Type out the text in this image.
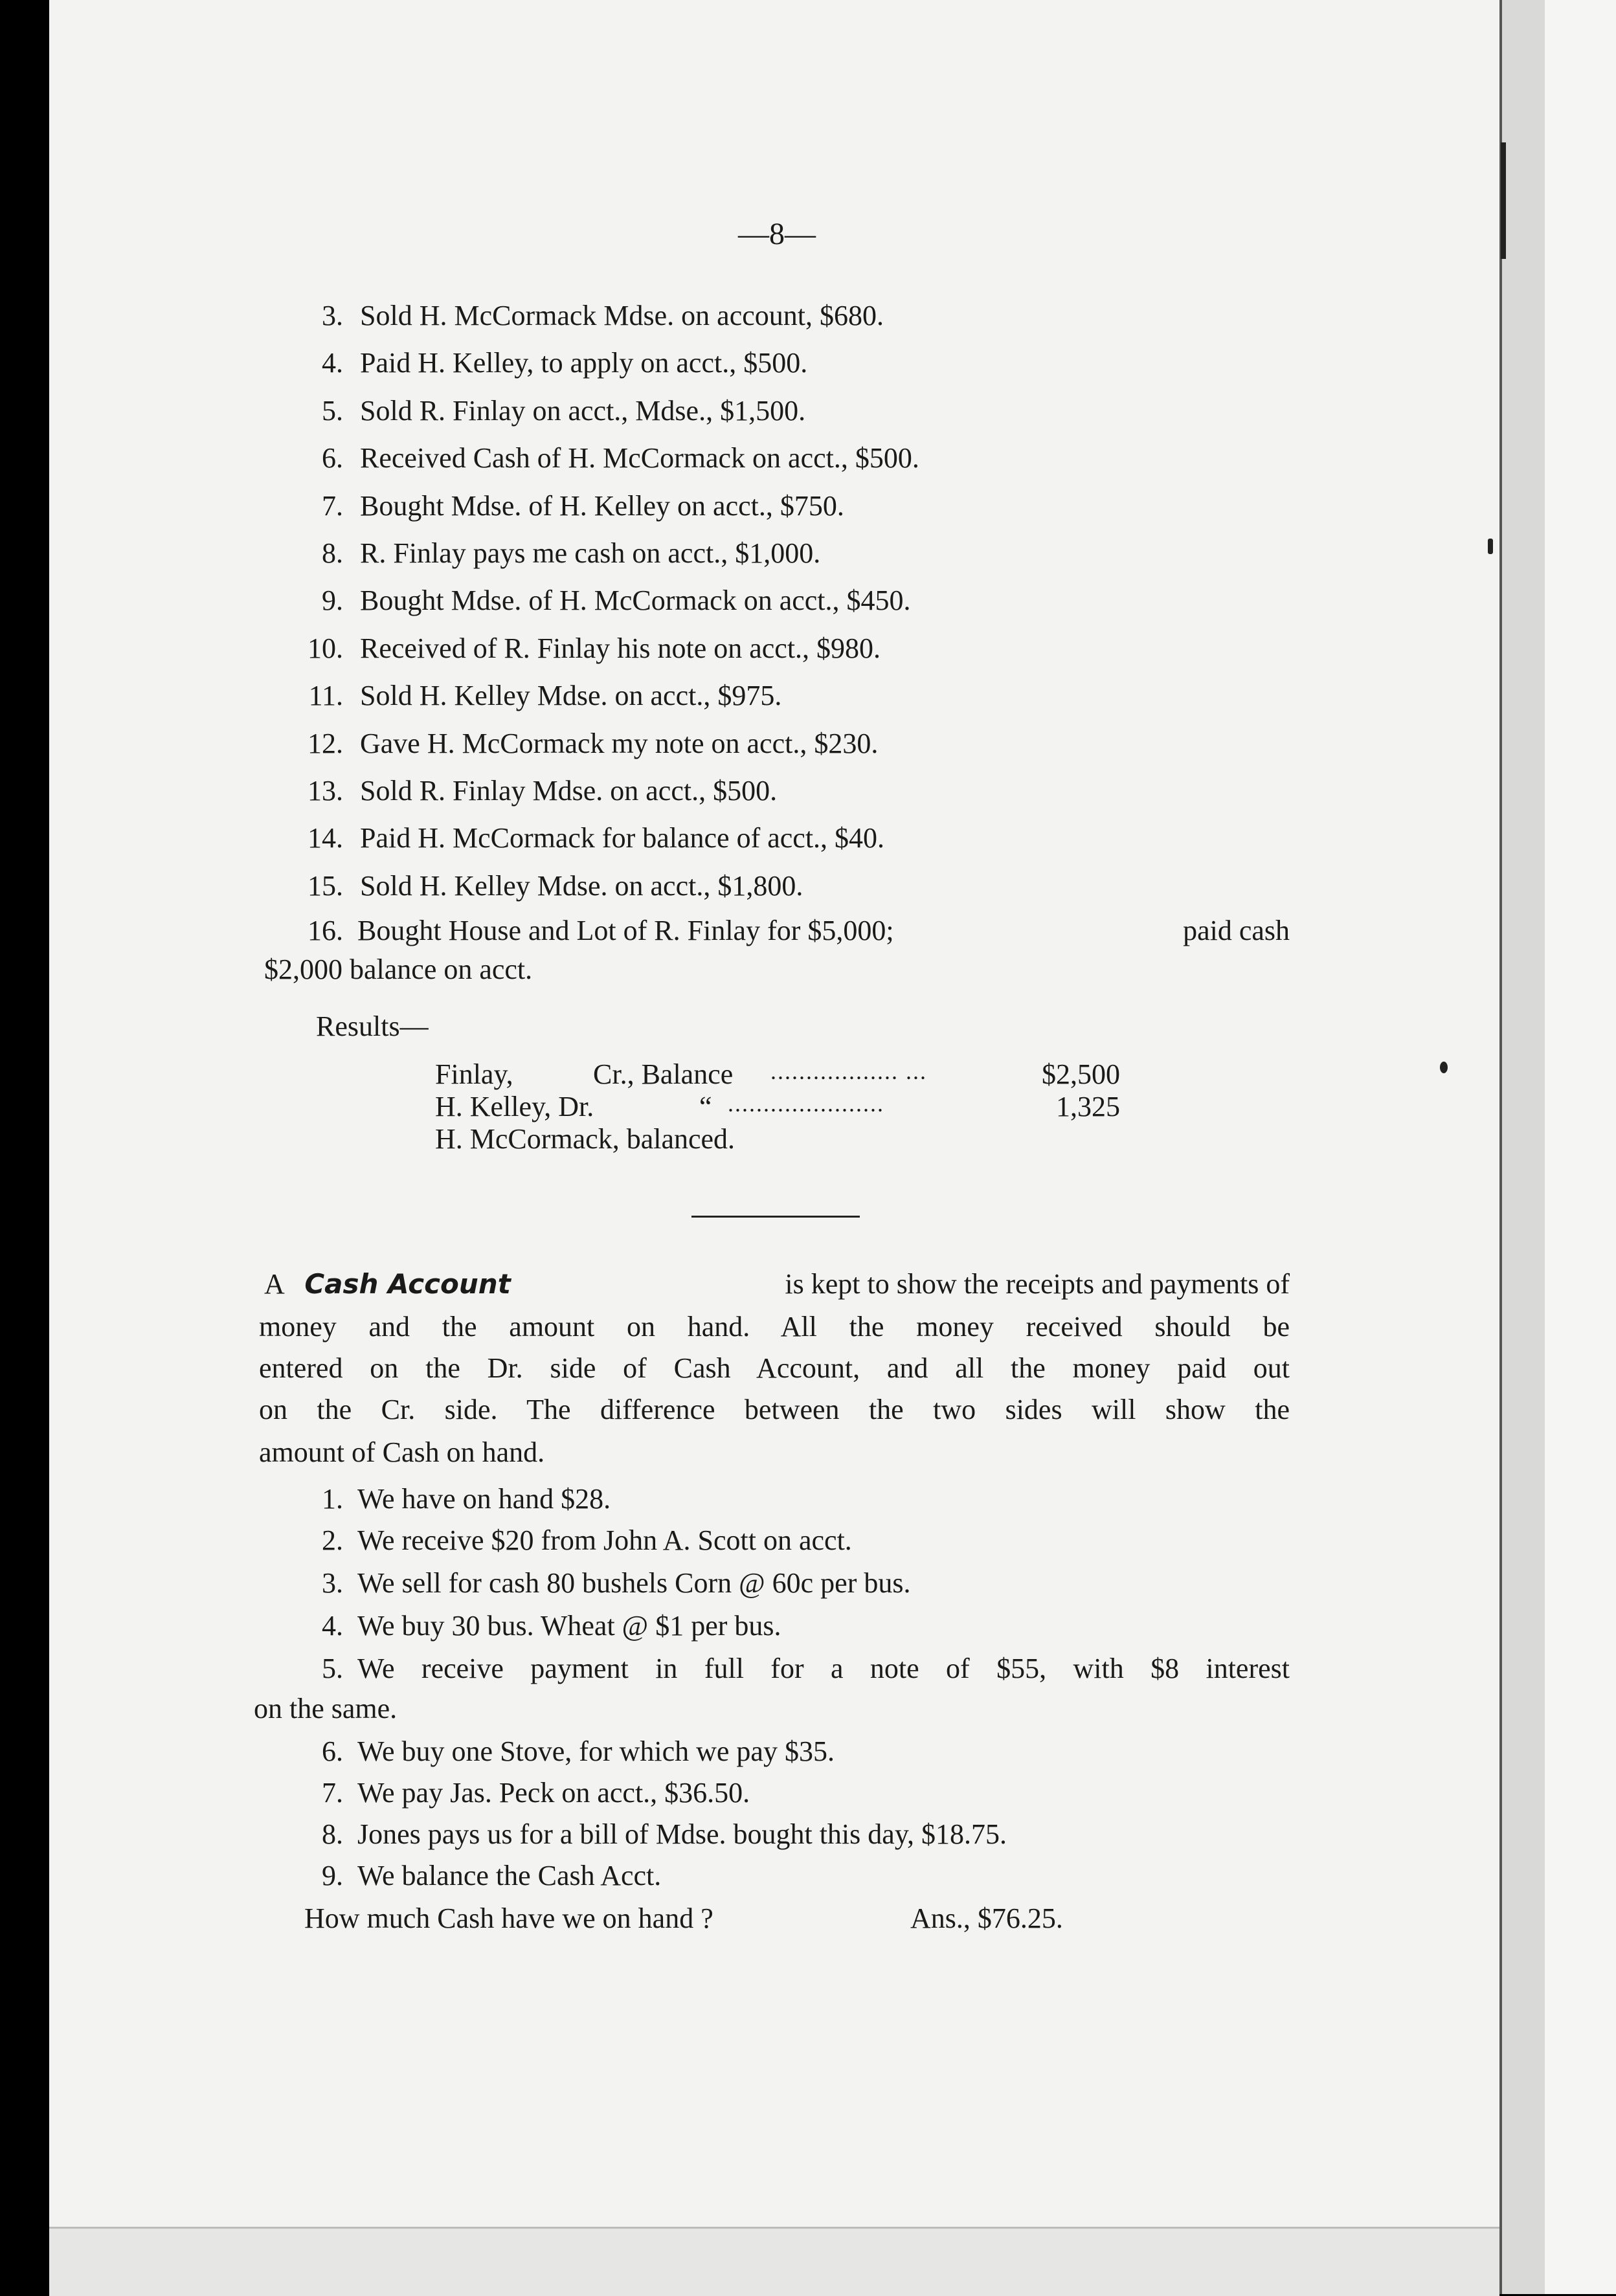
—8—
3. Sold H. McCormack Mdse. on account, $680.
4. Paid H. Kelley, to apply on acct., $500.
5. Sold R. Finlay on acct., Mdse., $1,500.
6. Received Cash of H. McCormack on acct., $500.
7. Bought Mdse. of H. Kelley on acct., $750.
8. R. Finlay pays me cash on acct., $1,000.
9. Bought Mdse. of H. McCormack on acct., $450.
10. Received of R. Finlay his note on acct., $980.
11. Sold H. Kelley Mdse. on acct., $975.
12. Gave H. McCormack my note on acct., $230.
13. Sold R. Finlay Mdse. on acct., $500.
14. Paid H. McCormack for balance of acct., $40.
15. Sold H. Kelley Mdse. on acct., $1,800.
16. Bought House and Lot of R. Finlay for $5,000;	paid cash
$2,000 balance on acct.
Results—
Finlay,	Cr., Balance .................. ...	$2,500
H. Kelley, Dr.	“ ......................	1,325
H. McCormack, balanced.
A Cash Account	is kept to show the receipts and payments of
money and the amount on hand. All the money received should be
entered on the Dr. side of Cash Account, and all the money paid out
on the Cr. side. The difference between the two sides will show the
amount of Cash on hand.
1. We have on hand $28.
2. We receive $20 from John A. Scott on acct.
3. We sell for cash 80 bushels Corn @ 60c per bus.
4. We buy 30 bus. Wheat @ $1 per bus.
5. We receive payment in full for a note of $55, with $8 interest
on the same.
6. We buy one Stove, for which we pay $35.
7. We pay Jas. Peck on acct., $36.50.
8. Jones pays us for a bill of Mdse. bought this day, $18.75.
9. We balance the Cash Acct.
How much Cash have we on hand ?	Ans., $76.25.
